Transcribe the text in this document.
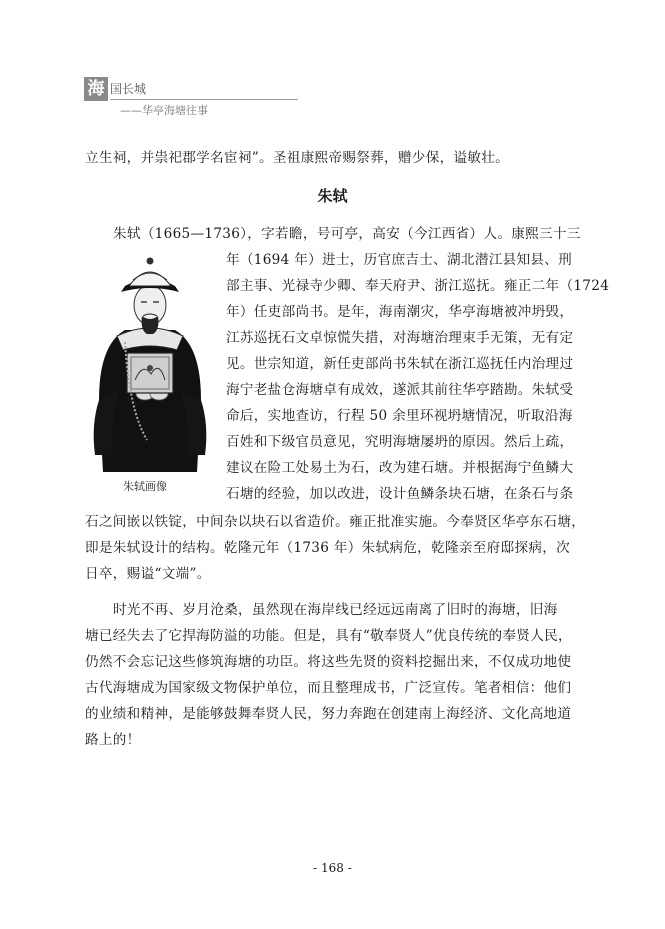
海 国长城
——华亭海塘往事
立生祠，并祟祀郡学名宦祠”。圣祖康熙帝赐祭葬，赠少保，谥敏壮。
朱轼
朱轼（1665—1736），字若瞻，号可亭，高安（今江西省）人。康熙三十三
年（1694 年）进士，历官庶吉士、湖北潜江县知县、刑
部主事、光禄寺少卿、奉天府尹、浙江巡抚。雍正二年（1724
年）任吏部尚书。是年，海南潮灾，华亭海塘被冲坍毁，
江苏巡抚石文卓惊慌失措，对海塘治理束手无策，无有定
见。世宗知道，新任吏部尚书朱轼在浙江巡抚任内治理过
海宁老盐仓海塘卓有成效，遂派其前往华亭踏勘。朱轼受
命后，实地查访，行程 50 余里环视坍塘情况，听取沿海
百姓和下级官员意见，究明海塘屡坍的原因。然后上疏，
建议在险工处易土为石，改为建石塘。并根据海宁鱼鳞大
石塘的经验，加以改进，设计鱼鳞条块石塘，在条石与条
石之间嵌以铁锭，中间杂以块石以省造价。雍正批准实施。今奉贤区华亭东石塘，
即是朱轼设计的结构。乾隆元年（1736 年）朱轼病危，乾隆亲至府邸探病，次
日卒，赐谥“文端”。
朱轼画像
时光不再、岁月沧桑，虽然现在海岸线已经远远南离了旧时的海塘，旧海
塘已经失去了它捍海防溢的功能。但是，具有“敬奉贤人”优良传统的奉贤人民，
仍然不会忘记这些修筑海塘的功臣。将这些先贤的资料挖掘出来，不仅成功地使
古代海塘成为国家级文物保护单位，而且整理成书，广泛宣传。笔者相信：他们
的业绩和精神，是能够鼓舞奉贤人民，努力奔跑在创建南上海经济、文化高地道
路上的！
- 168 -
